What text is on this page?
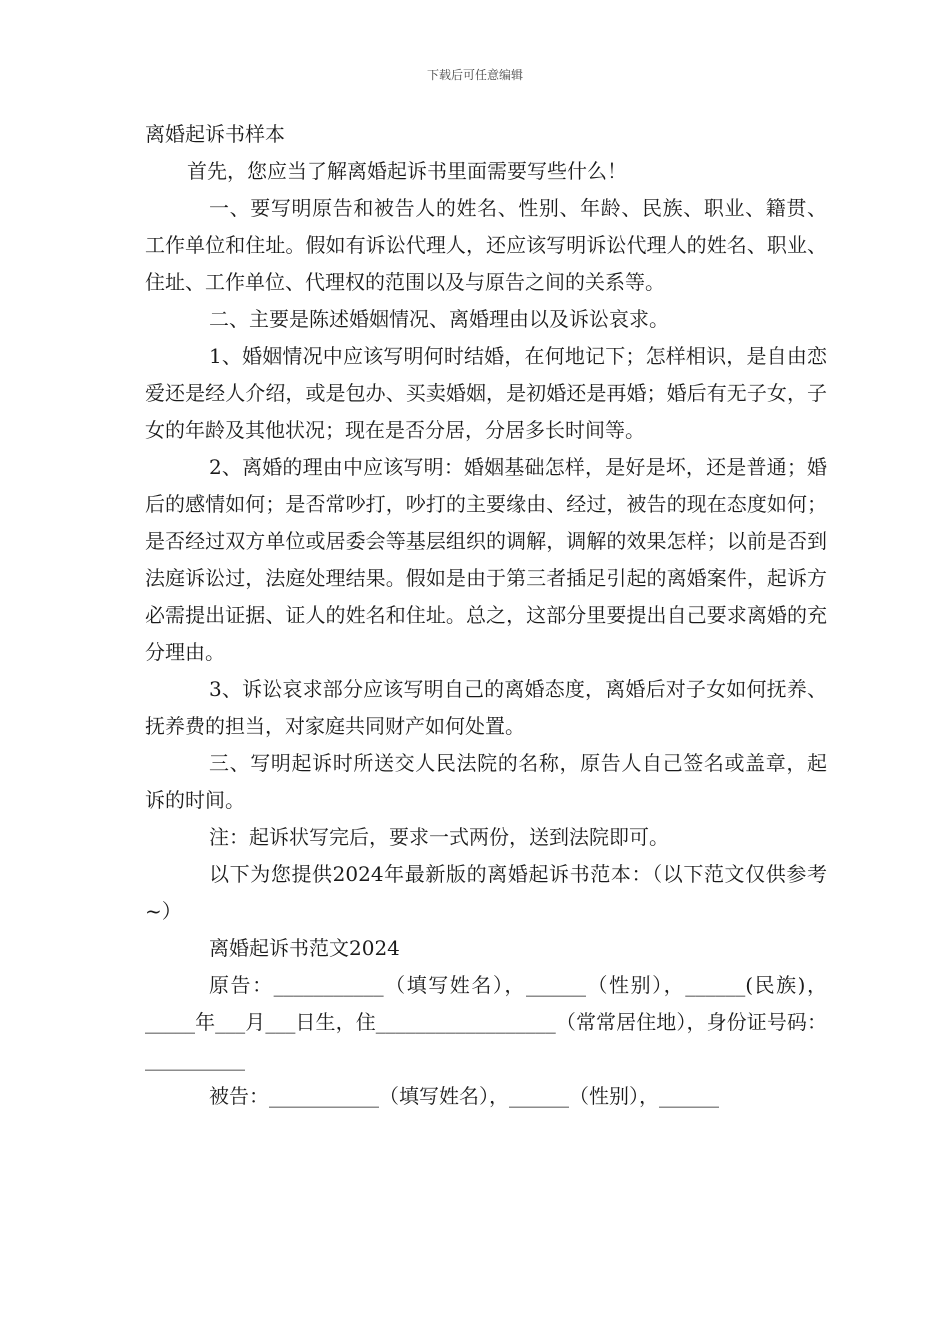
下载后可任意编辑

离婚起诉书样本

首先，您应当了解离婚起诉书里面需要写些什么！

一、要写明原告和被告人的姓名、性别、年龄、民族、职业、籍贯、工作单位和住址。假如有诉讼代理人，还应该写明诉讼代理人的姓名、职业、住址、工作单位、代理权的范围以及与原告之间的关系等。

二、主要是陈述婚姻情况、离婚理由以及诉讼哀求。

1、婚姻情况中应该写明何时结婚，在何地记下；怎样相识，是自由恋爱还是经人介绍，或是包办、买卖婚姻，是初婚还是再婚；婚后有无子女，子女的年龄及其他状况；现在是否分居，分居多长时间等。

2、离婚的理由中应该写明：婚姻基础怎样，是好是坏，还是普通；婚后的感情如何；是否常吵打，吵打的主要缘由、经过，被告的现在态度如何；是否经过双方单位或居委会等基层组织的调解，调解的效果怎样；以前是否到法庭诉讼过，法庭处理结果。假如是由于第三者插足引起的离婚案件，起诉方必需提出证据、证人的姓名和住址。总之，这部分里要提出自己要求离婚的充分理由。

3、诉讼哀求部分应该写明自己的离婚态度，离婚后对子女如何抚养、抚养费的担当，对家庭共同财产如何处置。

三、写明起诉时所送交人民法院的名称，原告人自己签名或盖章，起诉的时间。

注：起诉状写完后，要求一式两份，送到法院即可。

以下为您提供2024年最新版的离婚起诉书范本：（以下范文仅供参考~）

离婚起诉书范文2024

原告：___________（填写姓名），______（性别），______(民族)，_____年___月___日生，住__________________（常常居住地），身份证号码：__________

被告：___________（填写姓名），______（性别），______
